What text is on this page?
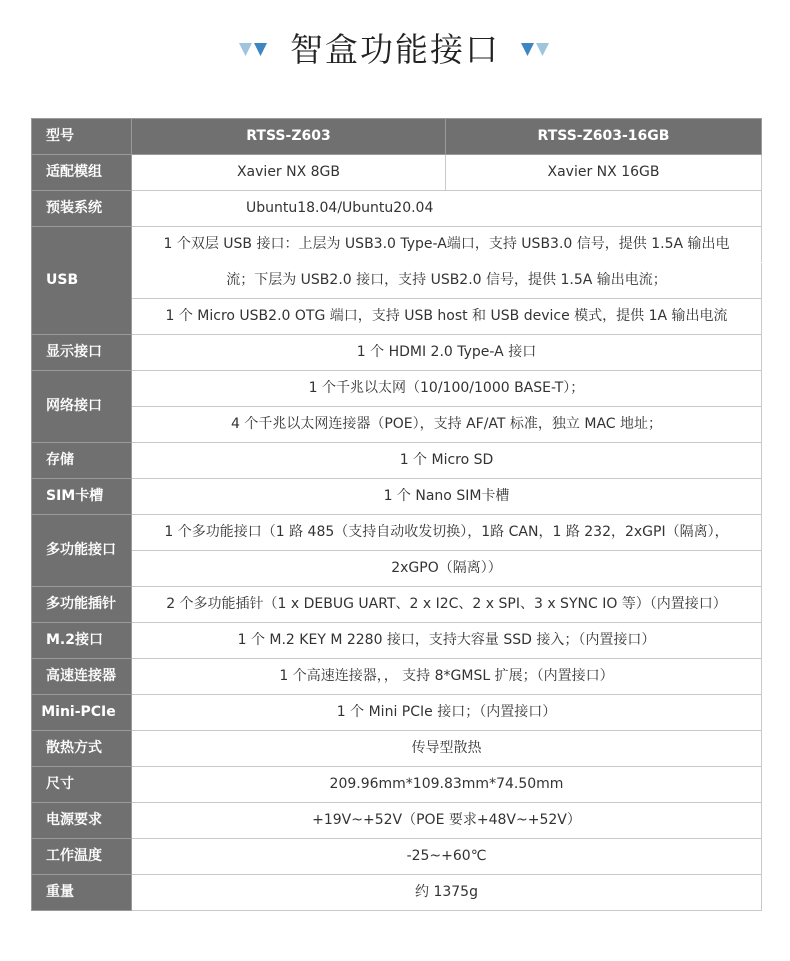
智盒功能接口
型号	RTSS-Z603	RTSS-Z603-16GB
适配模组	Xavier NX 8GB	Xavier NX 16GB
预装系统	Ubuntu18.04/Ubuntu20.04	
USB	1 个双层 USB 接口：上层为 USB3.0 Type-A端口，支持 USB3.0 信号，提供 1.5A 输出电	
	流；下层为 USB2.0 接口，支持 USB2.0 信号，提供 1.5A 输出电流；	
	1 个 Micro USB2.0 OTG 端口，支持 USB host 和 USB device 模式，提供 1A 输出电流	
显示接口	1 个 HDMI 2.0 Type-A 接口	
网络接口	1 个千兆以太网（10/100/1000 BASE-T）；	
	4 个千兆以太网连接器（POE），支持 AF/AT 标准，独立 MAC 地址；	
存储	1 个 Micro SD	
SIM卡槽	1 个 Nano SIM卡槽	
多功能接口	1 个多功能接口（1 路 485（支持自动收发切换），1路 CAN，1 路 232，2xGPI（隔离），	
	2xGPO（隔离））	
多功能插针	2 个多功能插针（1 x DEBUG UART、2 x I2C、2 x SPI、3 x SYNC IO 等）（内置接口）	
M.2接口	1 个 M.2 KEY M 2280 接口，支持大容量 SSD 接入；（内置接口）	
高速连接器	1 个高速连接器，， 支持 8*GMSL 扩展；（内置接口）	
Mini-PCIe	1 个 Mini PCIe 接口；（内置接口）	
散热方式	传导型散热	
尺寸	209.96mm*109.83mm*74.50mm	
电源要求	+19V~+52V（POE 要求+48V~+52V）	
工作温度	-25~+60℃	
重量	约 1375g	
